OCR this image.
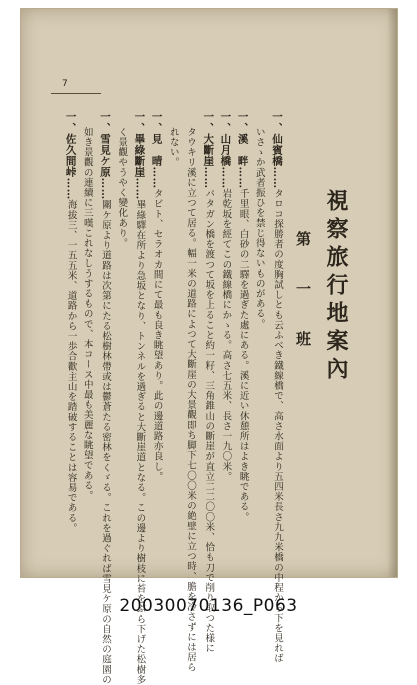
視察旅行地案內
第　一　班
一、仙賓橋……タロコ探勝者の度胸試しとも云ふべき鐵線橋で、高さ水面より五四米長さ九九米橋の中程から下を見れば
いさゝか武者振ひを禁じ得ないものがある。
一、溪　畔……千里眼、白砂の二驛を過ぎた處にある。溪に近い休憩所はよき眺である。
一、山月橋……岩乾坂を經てこの鐵線橋にかゝる。高さ七五米、長さ一九〇米。
一、大斷崖……バタガン橋を渡つて坂を上ること約一籽、三角錐山の斷崖が直立二二〇〇米、恰も刀で削り取つた様に
タウキリ溪に立つて居る。幅一米の道路によつて大斷崖の大景觀即ち脚下七〇〇米の絶壁に立つ時、膽を冷さずには居ら
れない。
一、見　晴……タビト、セラオカ間にて最も良き眺望あり。此の邊道路亦良し。
一、畢綠斷崖……畢綠驛在所より急坂となり、トンネルを過ぎると大斷崖道となる。この邊より樹枝に苔をぶら下げた松樹多
く景觀やうやく變化あり。
一、雪見ケ原……關ケ原より道路は次第にたる松樹林帶或は鬱蒼たる密林をくゞる。これを過ぐれば雪見ケ原の自然の庭園の
如き景觀の連續に三嘆これなしうするもので、本コース中最も美麗な眺望である。
一、佐久間峠……海拔三、一五五米、道路から一歩合歡主山を踏破することは容易である。
7
20030070136_P063
